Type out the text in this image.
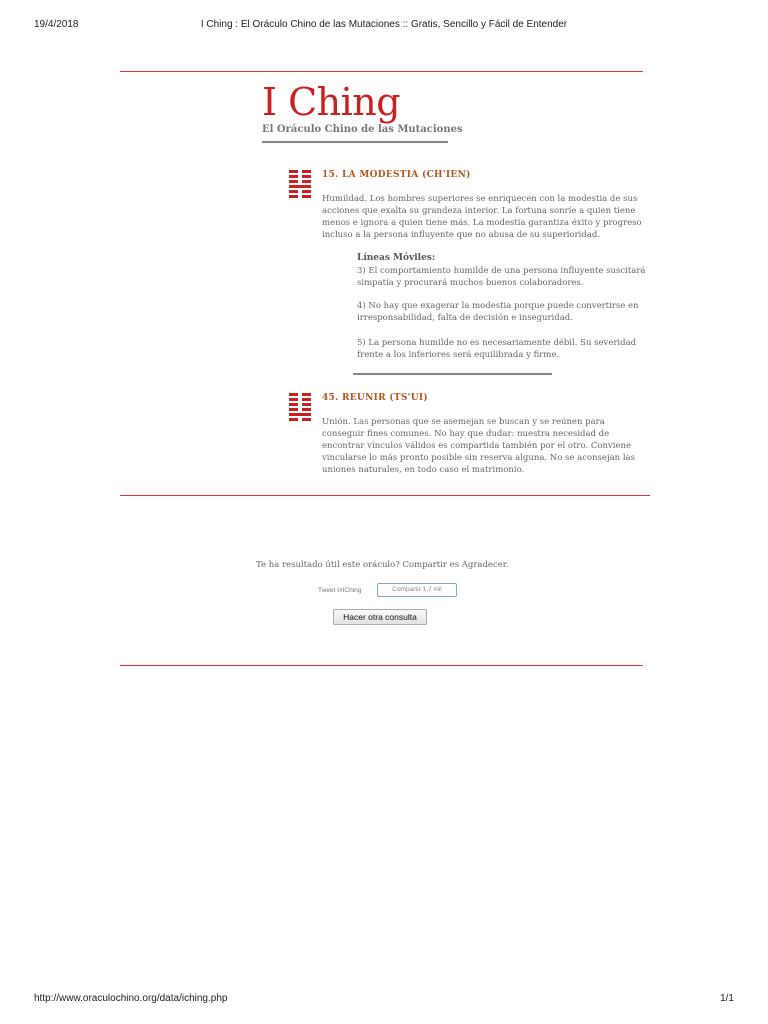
19/4/2018	I Ching : El Oráculo Chino de las Mutaciones :: Gratis, Sencillo y Fácil de Entender
I Ching
El Oráculo Chino de las Mutaciones
15. LA MODESTIA (CH'IEN)

Humildad. Los hombres superiores se enriquecen con la modestia de sus acciones que exalta su grandeza interior. La fortuna sonríe a quien tiene menos e ignora a quien tiene más. La modestia garantiza éxito y progreso incluso a la persona influyente que no abusa de su superioridad.

Líneas Móviles:

3) El comportamiento humilde de una persona influyente suscitará simpatía y procurará muchos buenos colaboradores.

4) No hay que exagerar la modestia porque puede convertirse en irresponsabilidad, falta de decisión e inseguridad.

5) La persona humilde no es necesariamente débil. Su severidad frente a los inferiores será equilibrada y firme.

45. REUNIR (TS'UI)

Unión. Las personas que se asemejan se buscan y se reúnen para conseguir fines comunes. No hay que dudar: nuestra necesidad de encontrar vínculos válidos es compartida también por el otro. Conviene vincularse lo más pronto posible sin reserva alguna. No se aconsejan las uniones naturales, en todo caso el matrimonio.

Te ha resultado útil este oráculo? Compartir es Agradecer.
Tweet I#IChing	Compartir 1,7 mil
Hacer otra consulta
http://www.oraculochino.org/data/iching.php	1/1
